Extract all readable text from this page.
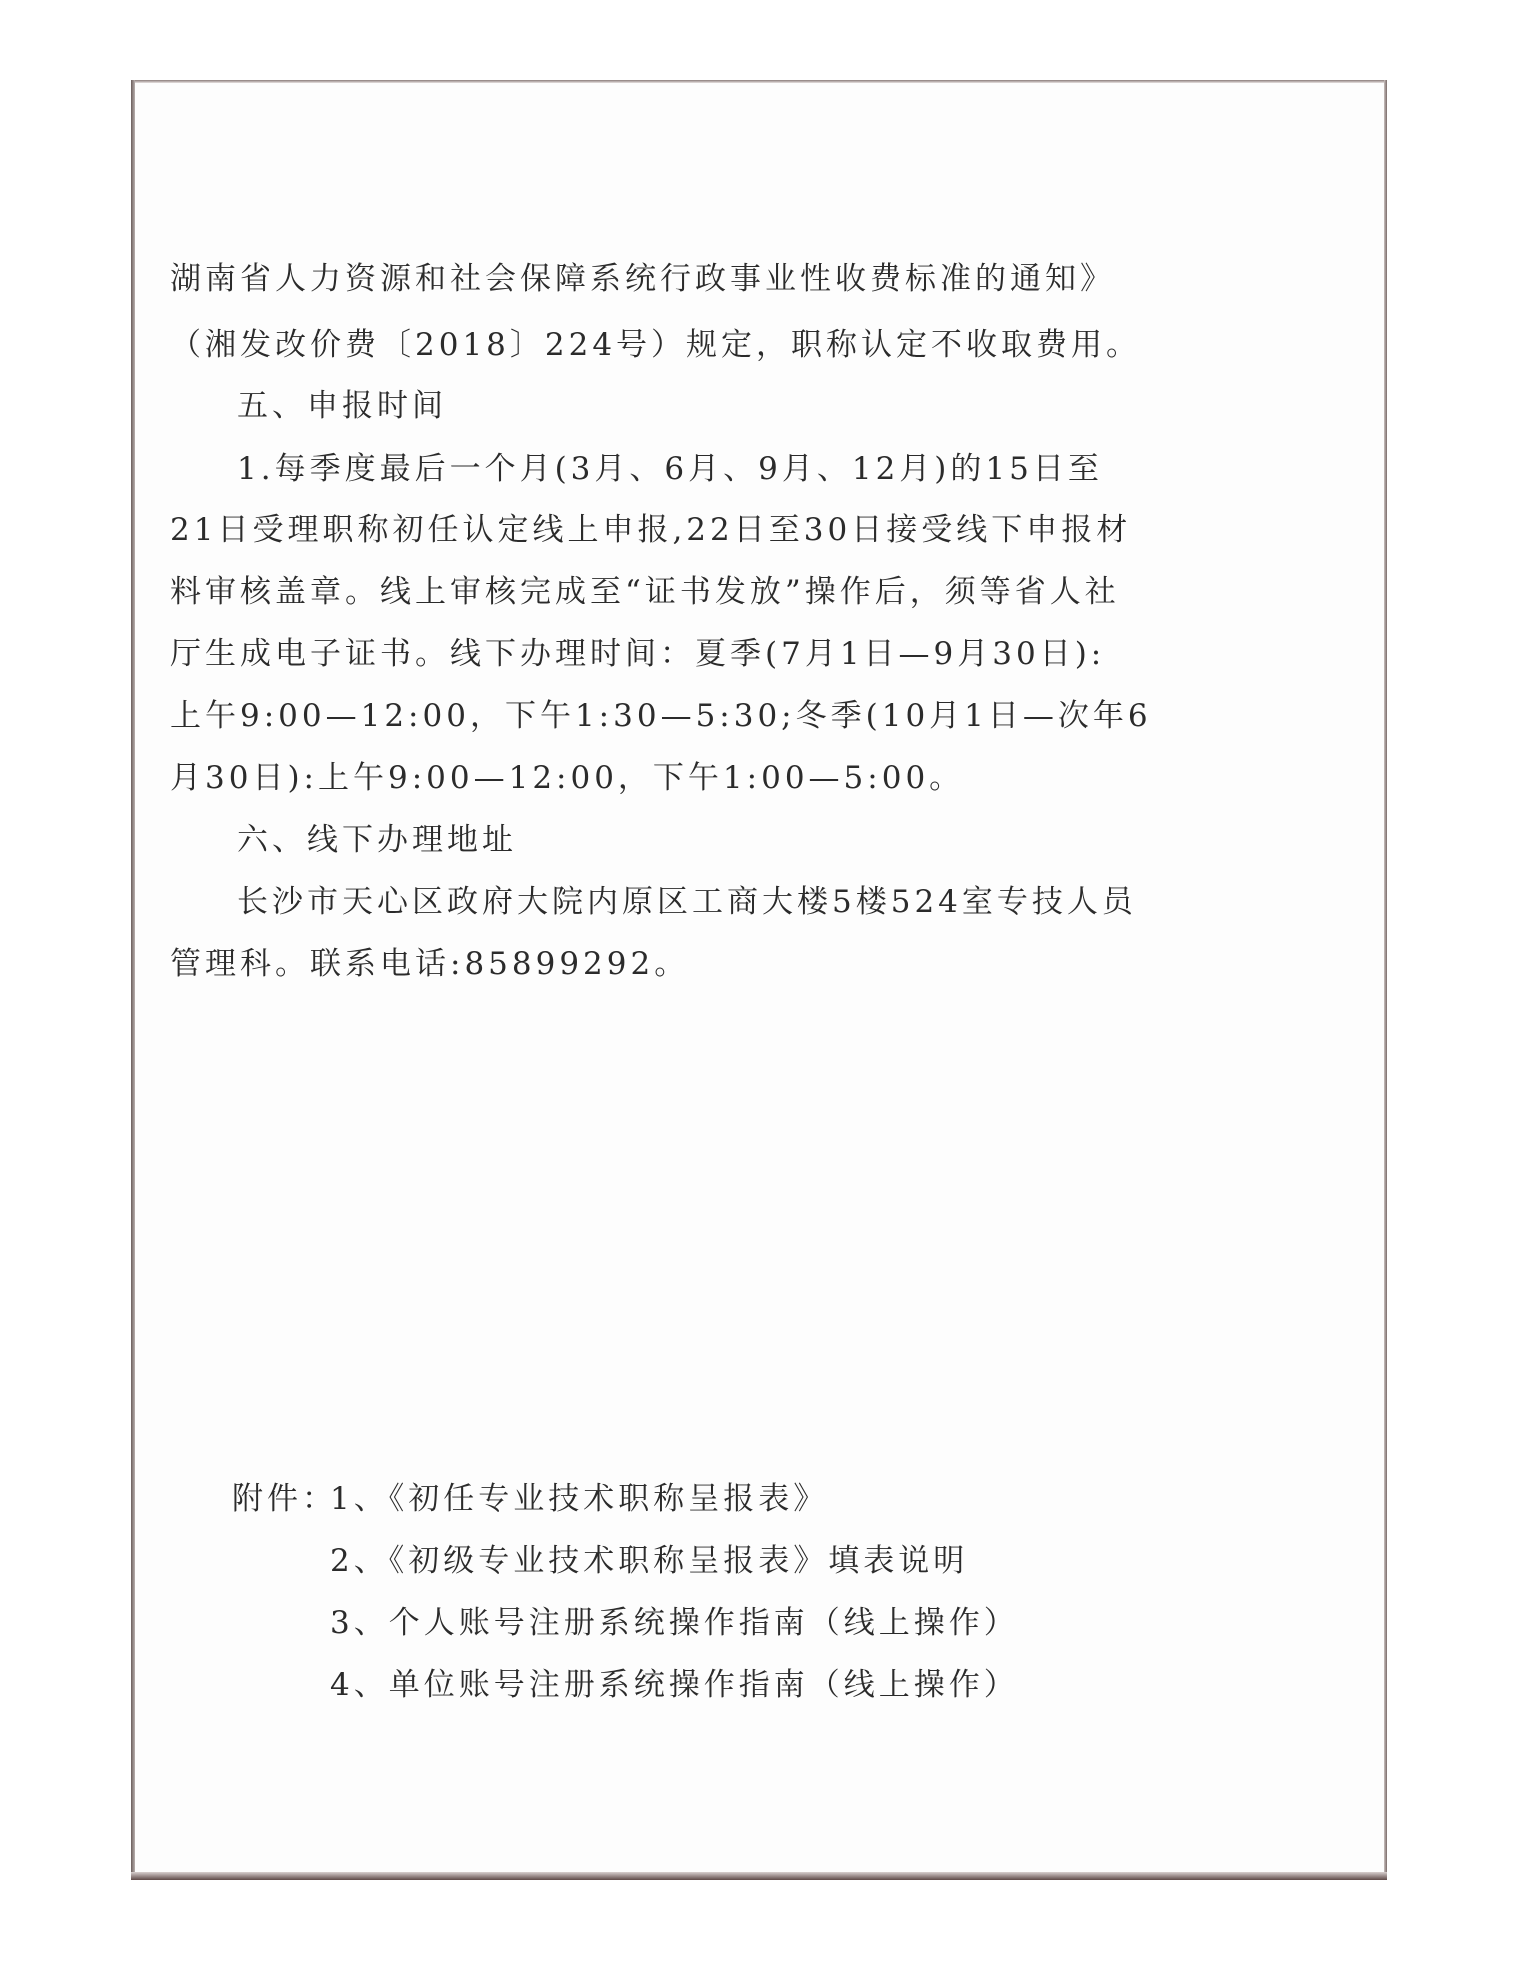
湖南省人力资源和社会保障系统行政事业性收费标准的通知》
（湘发改价费〔2018〕224号）规定，职称认定不收取费用。
五、申报时间
1.每季度最后一个月(3月、6月、9月、12月)的15日至
21日受理职称初任认定线上申报,22日至30日接受线下申报材
料审核盖章。线上审核完成至“证书发放”操作后，须等省人社
厅生成电子证书。线下办理时间：夏季(7月1日—9月30日):
上午9:00—12:00，下午1:30—5:30;冬季(10月1日—次年6
月30日):上午9:00—12:00，下午1:00—5:00。
六、线下办理地址
长沙市天心区政府大院内原区工商大楼5楼524室专技人员
管理科。联系电话:85899292。
附件：
1、《初任专业技术职称呈报表》
2、《初级专业技术职称呈报表》填表说明
3、个人账号注册系统操作指南（线上操作）
4、单位账号注册系统操作指南（线上操作）
